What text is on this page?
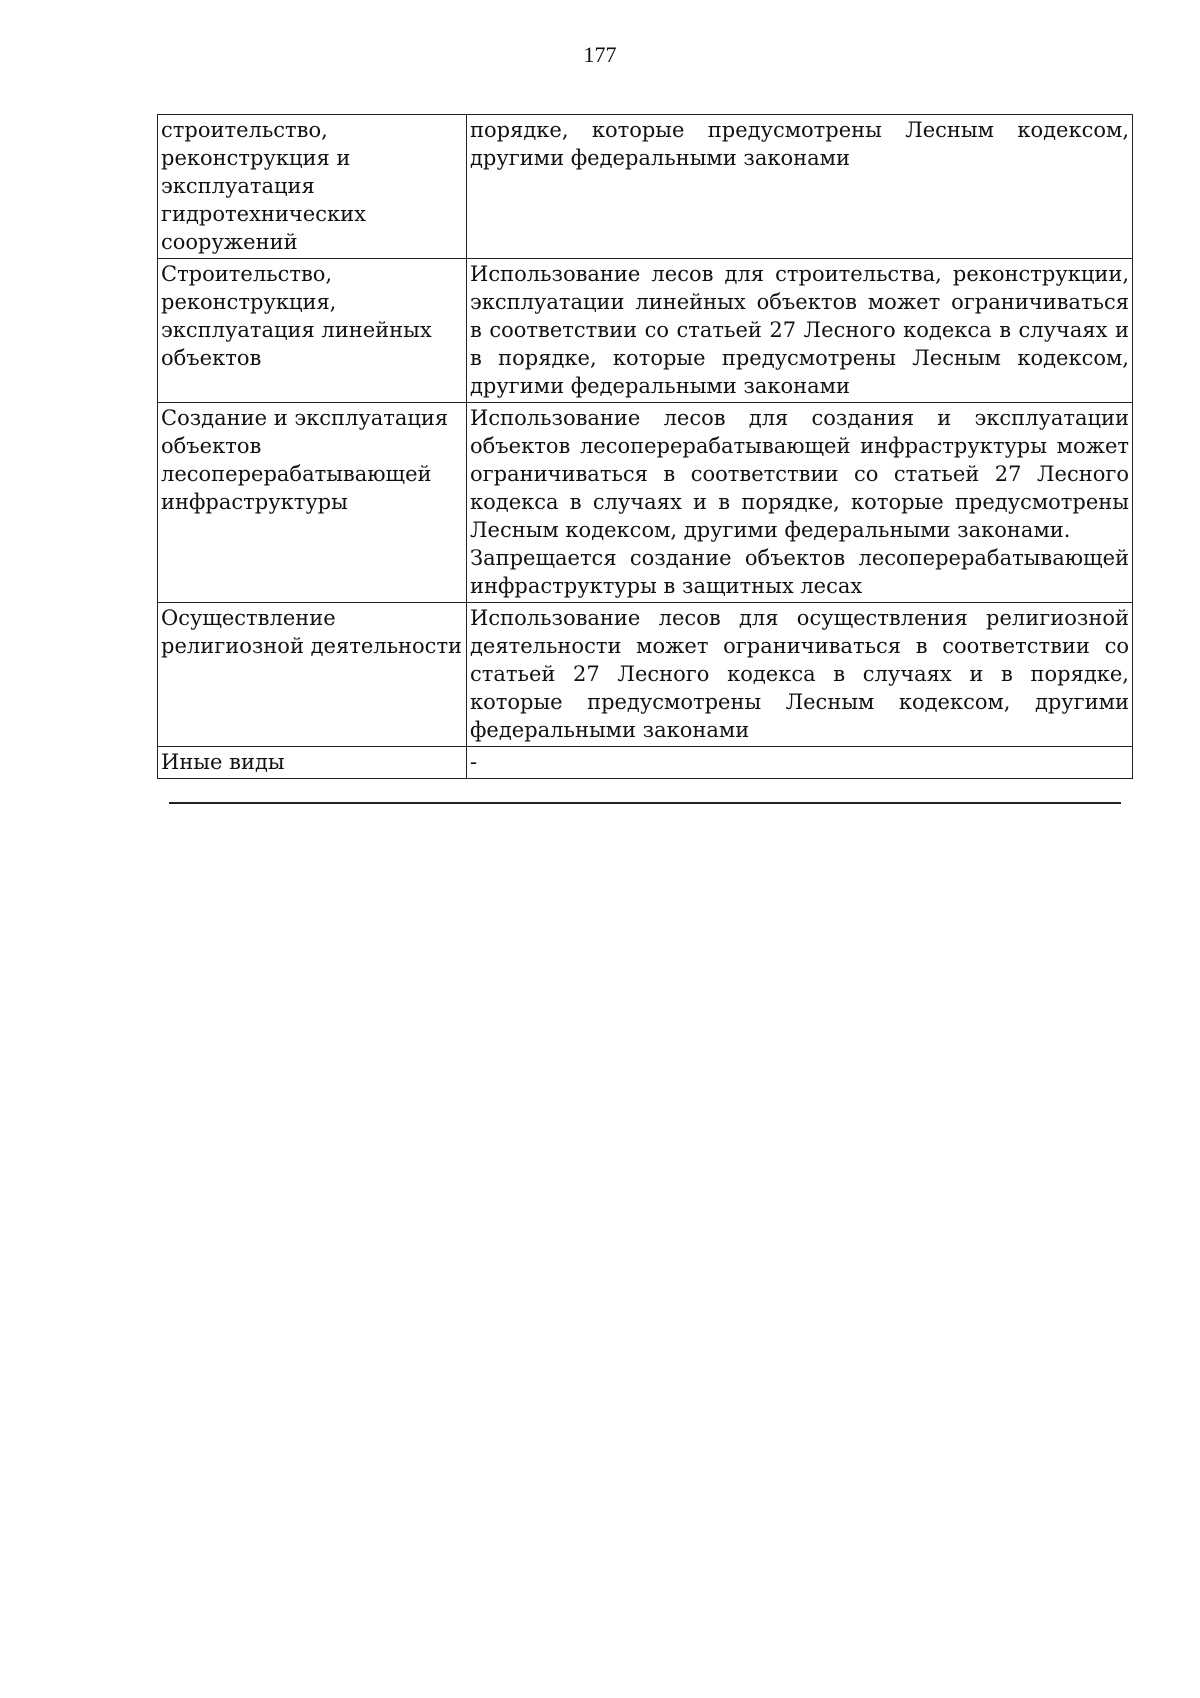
177

строительство, реконструкция и эксплуатация гидротехнических сооружений	порядке, которые предусмотрены Лесным кодексом, другими федеральными законами

Строительство, реконструкция, эксплуатация линейных объектов	Использование лесов для строительства, реконструкции, эксплуатации линейных объектов может ограничиваться в соответствии со статьей 27 Лесного кодекса в случаях и в порядке, которые предусмотрены Лесным кодексом, другими федеральными законами

Создание и эксплуатация объектов лесоперерабатывающей инфраструктуры	Использование лесов для создания и эксплуатации объектов лесоперерабатывающей инфраструктуры может ограничиваться в соответствии со статьей 27 Лесного кодекса в случаях и в порядке, которые предусмотрены Лесным кодексом, другими федеральными законами.

Запрещается создание объектов лесоперерабатывающей инфраструктуры в защитных лесах

Осуществление религиозной деятельности	Использование лесов для осуществления религиозной деятельности может ограничиваться в соответствии со статьей 27 Лесного кодекса в случаях и в порядке, которые предусмотрены Лесным кодексом, другими федеральными законами

Иные виды	-
